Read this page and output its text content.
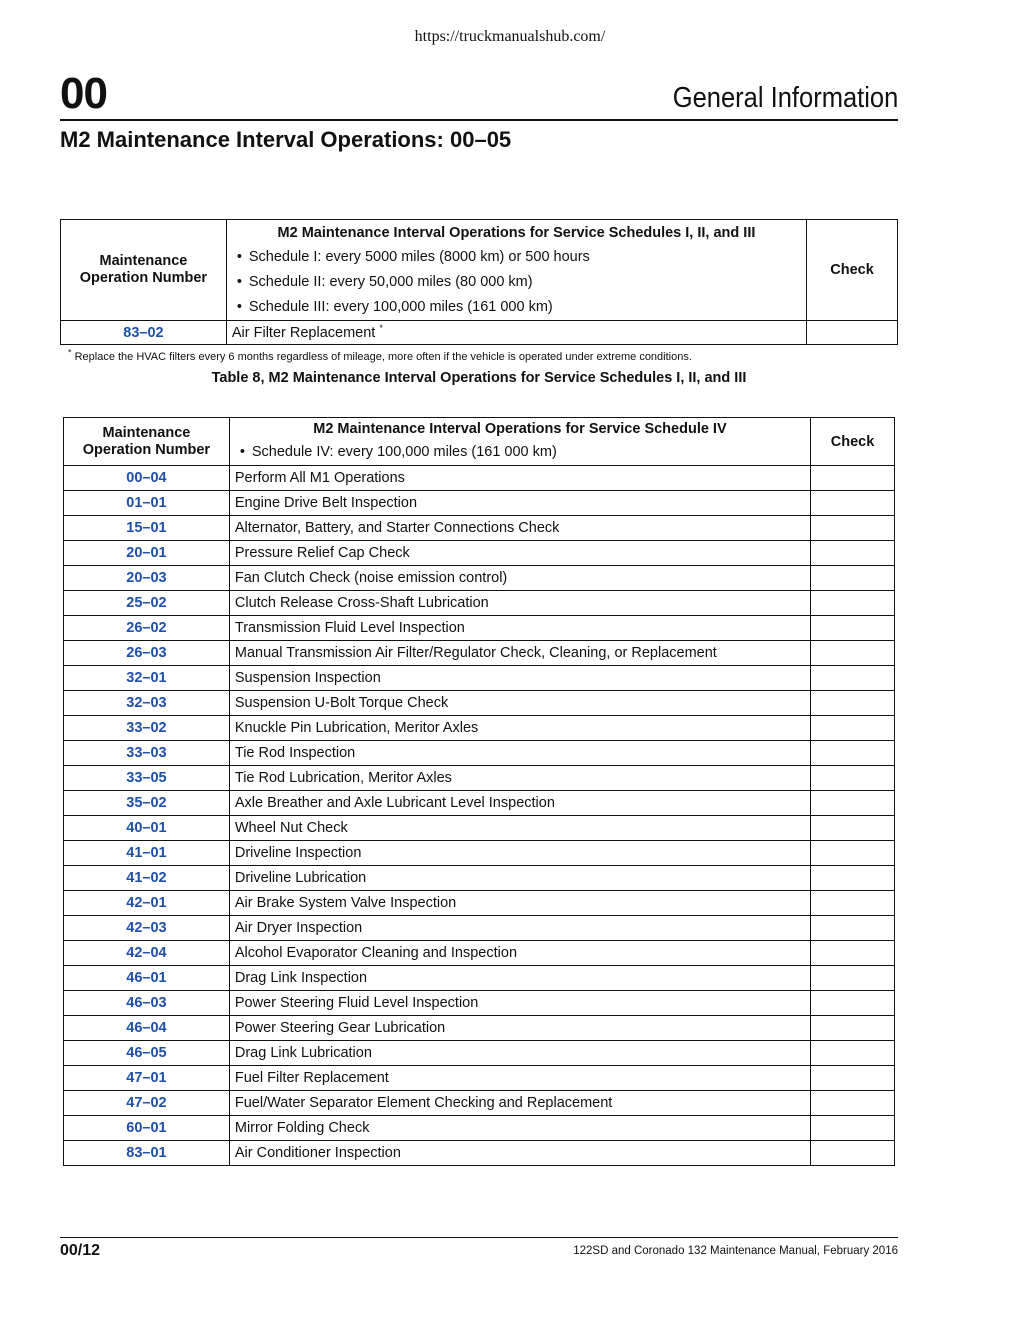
https://truckmanualshub.com/
00	General Information
M2 Maintenance Interval Operations: 00–05
Maintenance Operation Number	M2 Maintenance Interval Operations for Service Schedules I, II, and III
• Schedule I: every 5000 miles (8000 km) or 500 hours
• Schedule II: every 50,000 miles (80 000 km)
• Schedule III: every 100,000 miles (161 000 km)	Check
83–02	Air Filter Replacement *	
* Replace the HVAC filters every 6 months regardless of mileage, more often if the vehicle is operated under extreme conditions.
Table 8, M2 Maintenance Interval Operations for Service Schedules I, II, and III
Maintenance Operation Number	M2 Maintenance Interval Operations for Service Schedule IV
• Schedule IV: every 100,000 miles (161 000 km)	Check
00–04	Perform All M1 Operations	
01–01	Engine Drive Belt Inspection	
15–01	Alternator, Battery, and Starter Connections Check	
20–01	Pressure Relief Cap Check	
20–03	Fan Clutch Check (noise emission control)	
25–02	Clutch Release Cross-Shaft Lubrication	
26–02	Transmission Fluid Level Inspection	
26–03	Manual Transmission Air Filter/Regulator Check, Cleaning, or Replacement	
32–01	Suspension Inspection	
32–03	Suspension U-Bolt Torque Check	
33–02	Knuckle Pin Lubrication, Meritor Axles	
33–03	Tie Rod Inspection	
33–05	Tie Rod Lubrication, Meritor Axles	
35–02	Axle Breather and Axle Lubricant Level Inspection	
40–01	Wheel Nut Check	
41–01	Driveline Inspection	
41–02	Driveline Lubrication	
42–01	Air Brake System Valve Inspection	
42–03	Air Dryer Inspection	
42–04	Alcohol Evaporator Cleaning and Inspection	
46–01	Drag Link Inspection	
46–03	Power Steering Fluid Level Inspection	
46–04	Power Steering Gear Lubrication	
46–05	Drag Link Lubrication	
47–01	Fuel Filter Replacement	
47–02	Fuel/Water Separator Element Checking and Replacement	
60–01	Mirror Folding Check	
83–01	Air Conditioner Inspection	
00/12	122SD and Coronado 132 Maintenance Manual, February 2016
